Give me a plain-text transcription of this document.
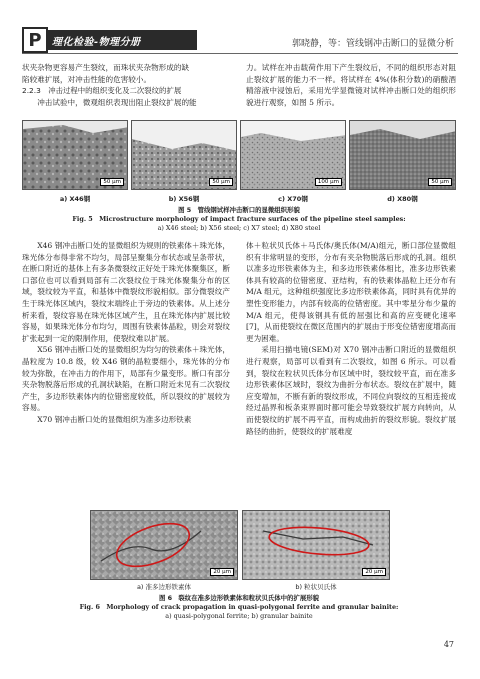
P	理化检验-物理分册	郭晓静，等：管线钢冲击断口的显微分析

状夹杂物更容易产生裂纹，而珠状夹杂物形成的缺

陷较难扩展，对冲击性能的危害较小。

2.2.3　冲击过程中的组织变化及二次裂纹的扩展

冲击试验中，微观组织表现出阻止裂纹扩展的能

力。试样在冲击载荷作用下产生裂纹后，不同的组织形态对阻止裂纹扩展的能力不一样。将试样在 4%(体积分数)的硝酸酒精溶液中浸蚀后，采用光学显微镜对试样冲击断口处的组织形貌进行观察，如图 5 所示。

50 μm	50 μm	100 μm	50 μm
a) X46钢	b) X56钢	c) X70钢	d) X80钢
图 5　管线钢试样冲击断口的显微组织形貌
Fig. 5　Microstructure morphology of impact fracture surfaces of the pipeline steel samples:
a) X46 steel; b) X56 steel; c) X7 steel; d) X80 steel

X46 钢冲击断口处的显微组织为规则的铁素体＋珠光体，珠光体分布得非常不均匀，局部呈聚集分布状态或呈条带状，在断口附近的基体上有多条微裂纹正好处于珠光体聚集区，断口部位也可以看到局部有二次裂纹位于珠光体聚集分布的区域，裂纹较为平直，和基体中微裂纹形貌相似。部分微裂纹产生于珠光体区域内，裂纹末端终止于旁边的铁素体。从上述分析来看，裂纹容易在珠光体区域产生，且在珠光体内扩展比较容易，如果珠光体分布均匀，周围有铁素体晶粒，则会对裂纹扩张起到一定的限制作用，使裂纹难以扩展。

X56 钢冲击断口处的显微组织为均匀的铁素体＋珠光体，晶粒度为 10.8 级，较 X46 钢的晶粒要细小，珠光体的分布较为弥散，在冲击力的作用下，局部有少量变形。断口有部分夹杂物脱落后形成的孔洞状缺陷，在断口附近未见有二次裂纹产生，多边形铁素体内的位错密度较低，所以裂纹的扩展较为容易。

X70 钢冲击断口处的显微组织为准多边形铁素

体＋粒状贝氏体＋马氏体/奥氏体(M/A)组元，断口部位显微组织有非常明显的变形，分布有夹杂物脱落后形成的孔洞。组织以准多边形铁素体为主，和多边形铁素体相比，准多边形铁素体具有较高的位错密度、亚结构，有的铁素体晶粒上还分布有 M/A 组元，这种组织强度比多边形铁素体高，同时具有优异的塑性变形能力，内部有较高的位错密度。其中零星分布少量的 M/A 组元，使得该钢具有低的屈强比和高的应变硬化速率[7]，从而使裂纹在微区范围内的扩展由于形变位错密度增高而更为困难。

采用扫描电镜(SEM)对 X70 钢冲击断口附近的显微组织进行观察，局部可以看到有二次裂纹，如图 6 所示。可以看到，裂纹在粒状贝氏体分布区域中时，裂纹较平直，而在准多边形铁素体区域时，裂纹为曲折分布状态。裂纹在扩展中，随应变增加，不断有新的裂纹形成，不同位向裂纹的互相连接成经过晶界和板条束界面时都可能会导致裂纹扩展方向转向，从而使裂纹的扩展不再平直，而构成曲折的裂纹形貌。裂纹扩展路径的曲折，使裂纹的扩展难度

20 μm	20 μm
a) 准多边形铁素体	b) 粒状贝氏体
图 6　裂纹在准多边形铁素体和粒状贝氏体中的扩展形貌
Fig. 6　Morphology of crack propagation in quasi-polygonal ferrite and granular bainite:
a) quasi-polygonal ferrite; b) granular bainite
47
